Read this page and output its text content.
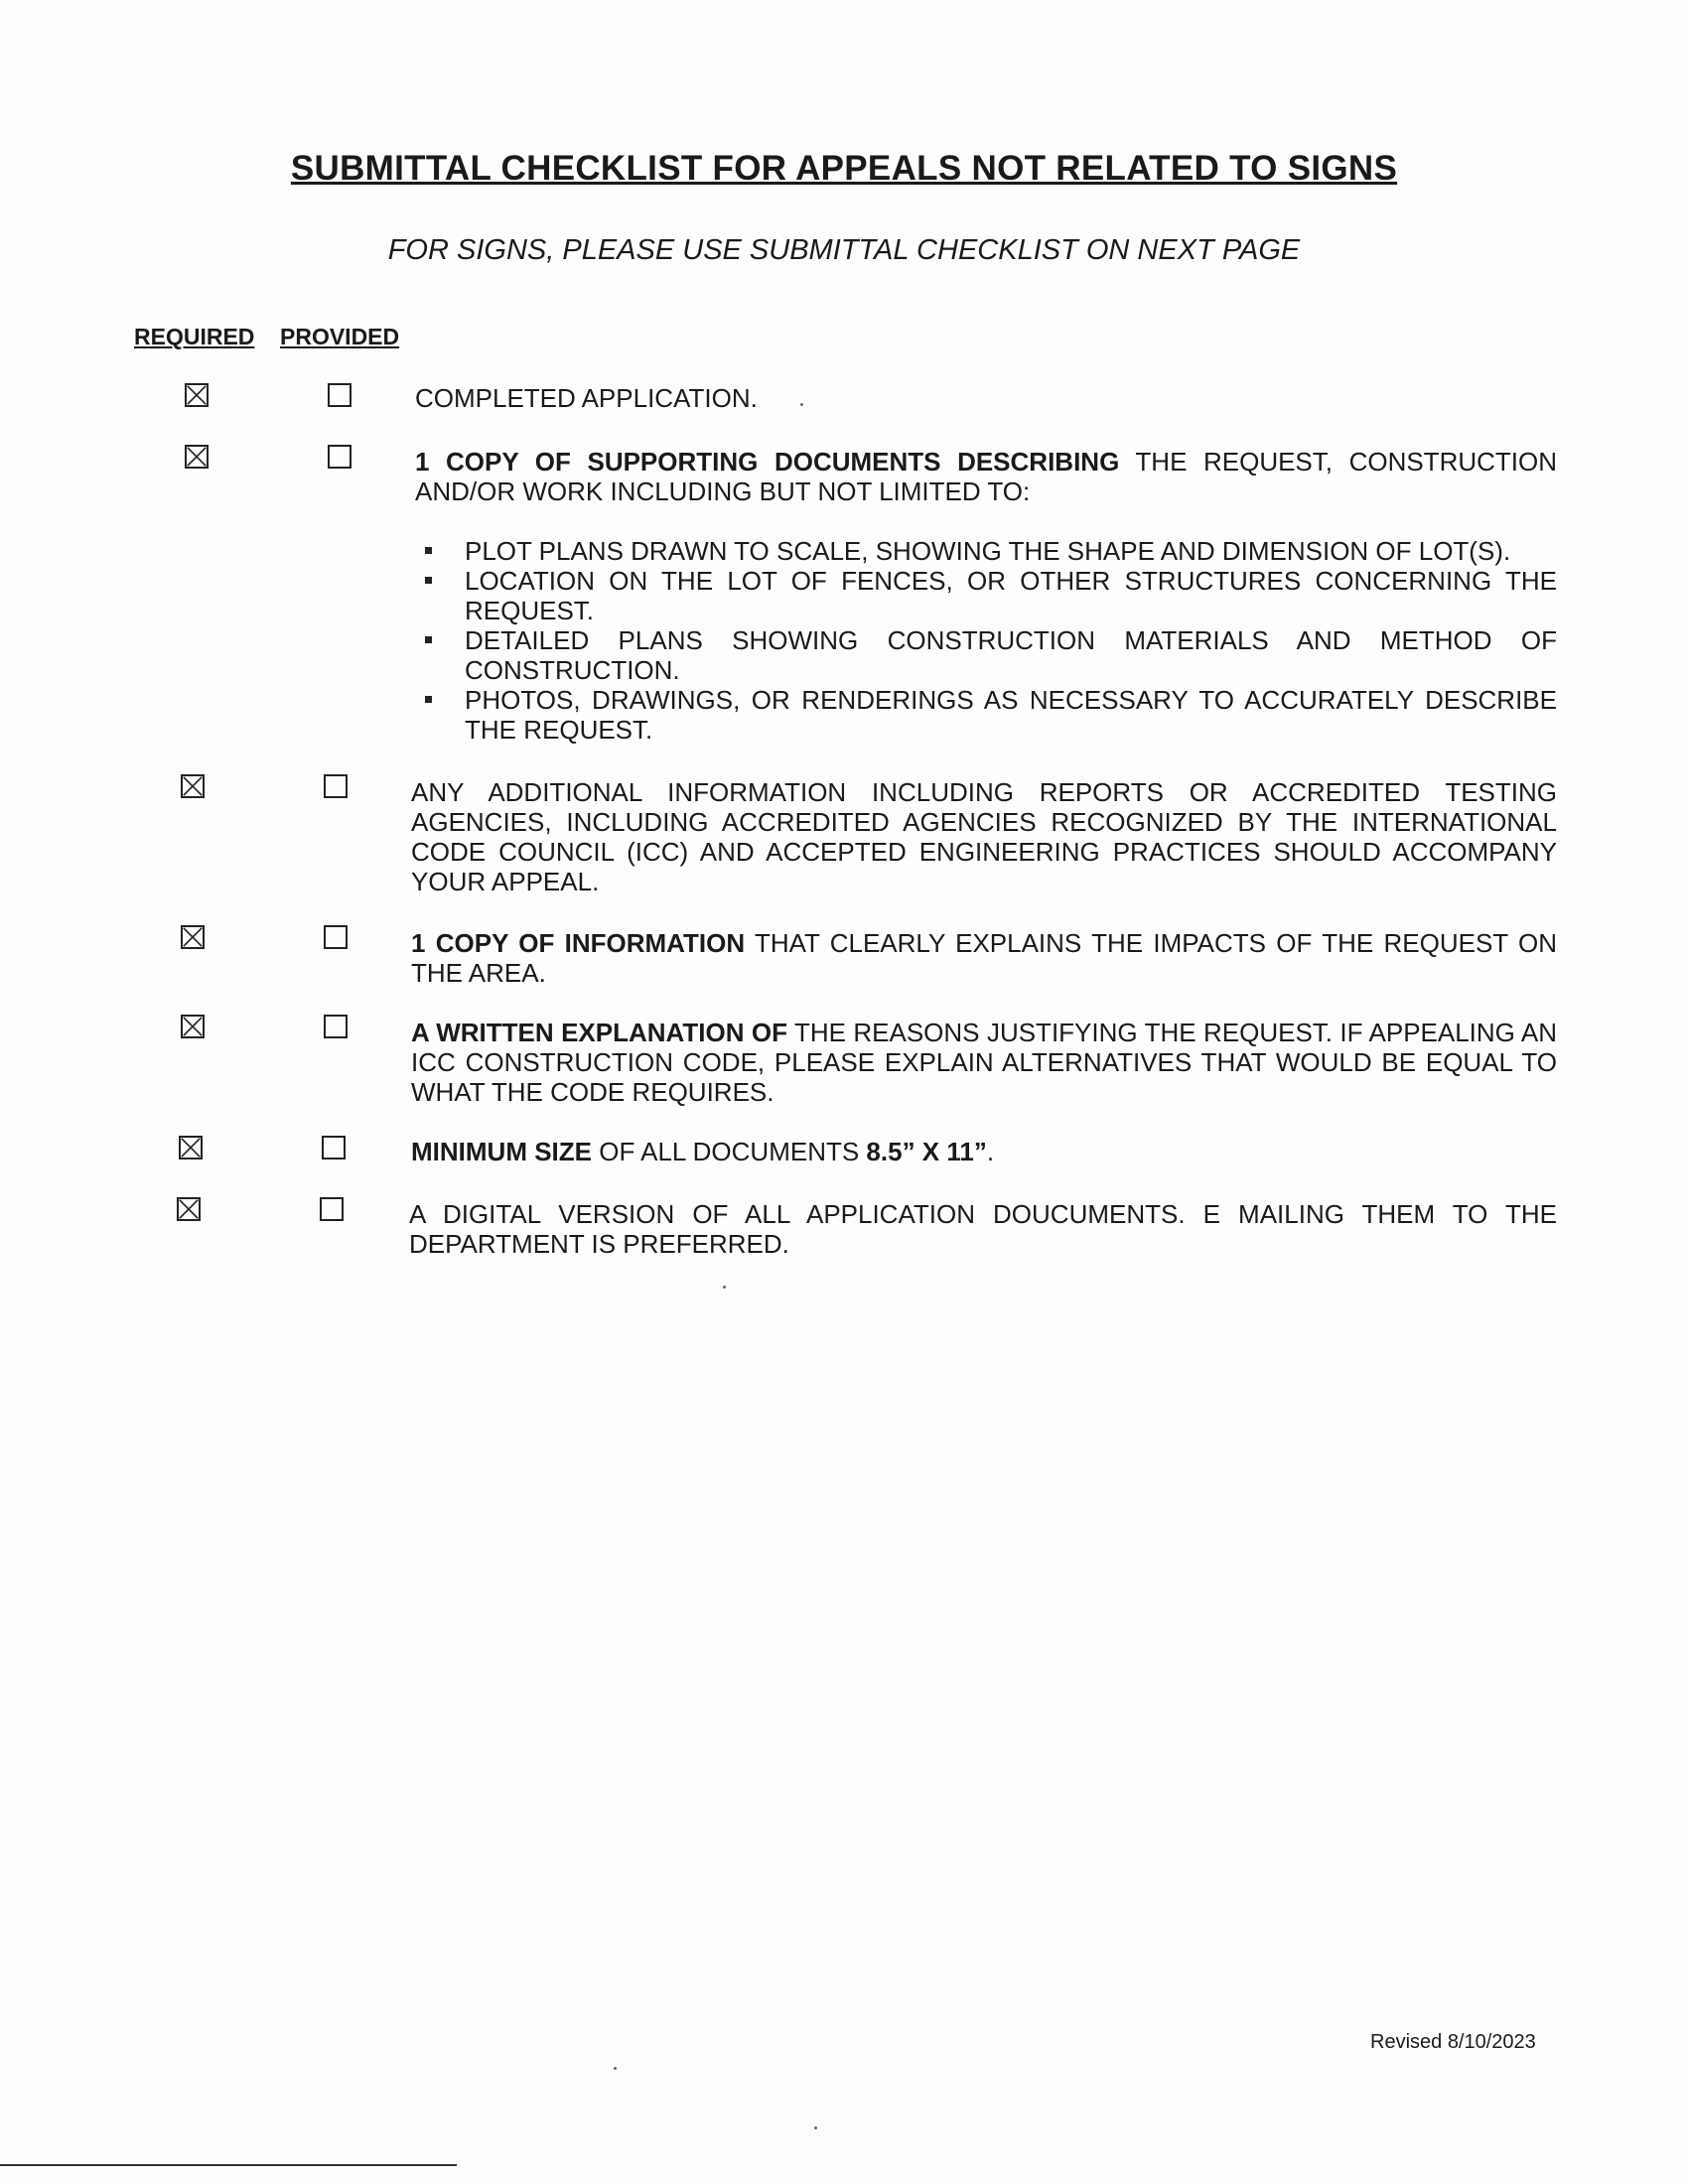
SUBMITTAL CHECKLIST FOR APPEALS NOT RELATED TO SIGNS
FOR SIGNS, PLEASE USE SUBMITTAL CHECKLIST ON NEXT PAGE
REQUIRED PROVIDED
COMPLETED APPLICATION.
1 COPY OF SUPPORTING DOCUMENTS DESCRIBING THE REQUEST, CONSTRUCTION AND/OR WORK INCLUDING BUT NOT LIMITED TO:
PLOT PLANS DRAWN TO SCALE, SHOWING THE SHAPE AND DIMENSION OF LOT(S).
LOCATION ON THE LOT OF FENCES, OR OTHER STRUCTURES CONCERNING THE REQUEST.
DETAILED PLANS SHOWING CONSTRUCTION MATERIALS AND METHOD OF CONSTRUCTION.
PHOTOS, DRAWINGS, OR RENDERINGS AS NECESSARY TO ACCURATELY DESCRIBE THE REQUEST.
ANY ADDITIONAL INFORMATION INCLUDING REPORTS OR ACCREDITED TESTING AGENCIES, INCLUDING ACCREDITED AGENCIES RECOGNIZED BY THE INTERNATIONAL CODE COUNCIL (ICC) AND ACCEPTED ENGINEERING PRACTICES SHOULD ACCOMPANY YOUR APPEAL.
1 COPY OF INFORMATION THAT CLEARLY EXPLAINS THE IMPACTS OF THE REQUEST ON THE AREA.
A WRITTEN EXPLANATION OF THE REASONS JUSTIFYING THE REQUEST. IF APPEALING AN ICC CONSTRUCTION CODE, PLEASE EXPLAIN ALTERNATIVES THAT WOULD BE EQUAL TO WHAT THE CODE REQUIRES.
MINIMUM SIZE OF ALL DOCUMENTS 8.5” X 11”.
A DIGITAL VERSION OF ALL APPLICATION DOUCUMENTS. E MAILING THEM TO THE DEPARTMENT IS PREFERRED.
Revised 8/10/2023
